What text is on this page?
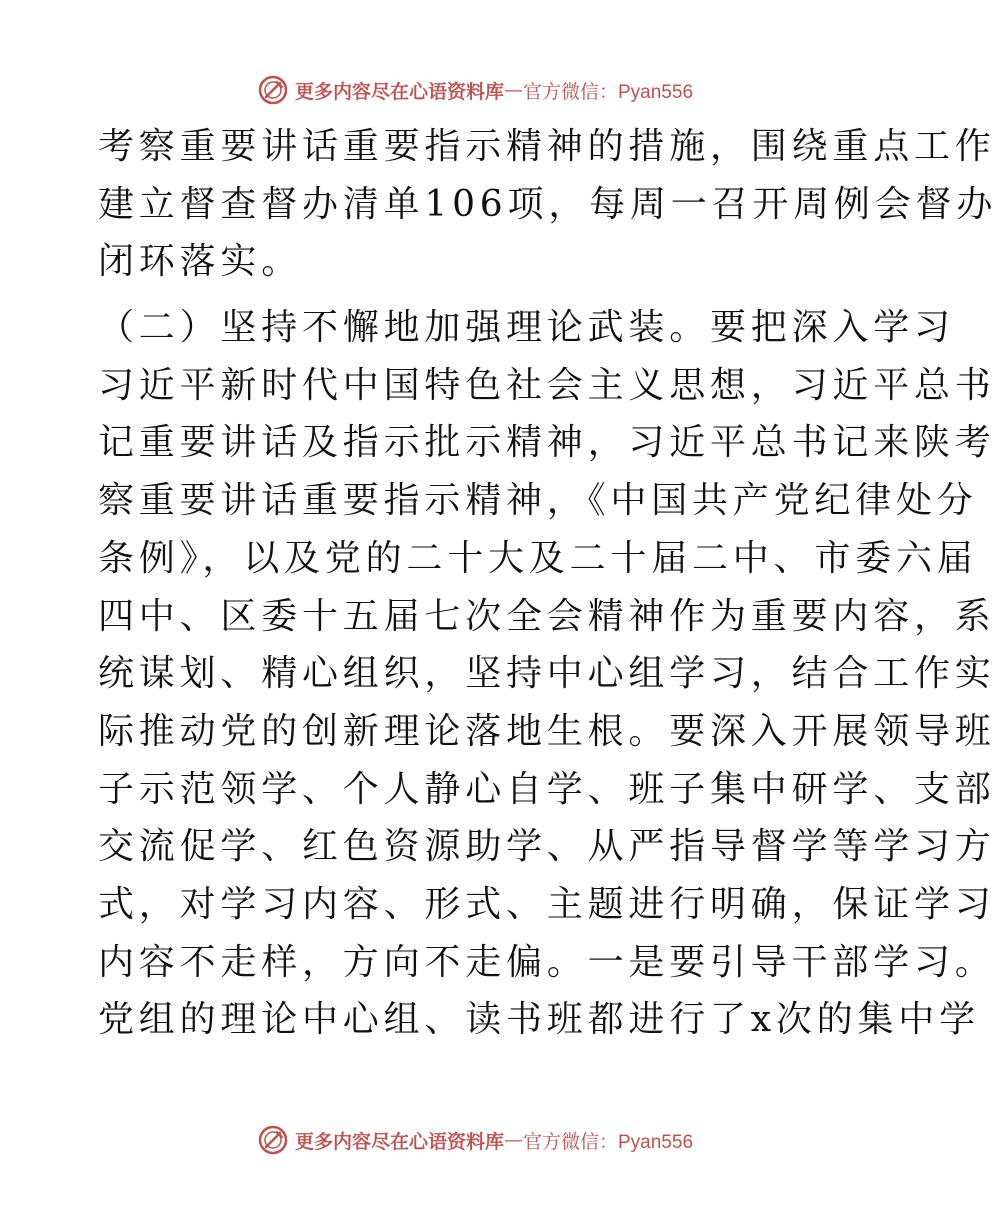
更多内容尽在心语资料库 — 官方微信：Pyan556
考察重要讲话重要指示精神的措施，围绕重点工作
建立督查督办清单106项，每周一召开周例会督办
闭环落实。
（二）坚持不懈地加强理论武装。要把深入学习
习近平新时代中国特色社会主义思想，习近平总书
记重要讲话及指示批示精神，习近平总书记来陕考
察重要讲话重要指示精神，《中国共产党纪律处分
条例》，以及党的二十大及二十届二中、市委六届
四中、区委十五届七次全会精神作为重要内容，系
统谋划、精心组织，坚持中心组学习，结合工作实
际推动党的创新理论落地生根。要深入开展领导班
子示范领学、个人静心自学、班子集中研学、支部
交流促学、红色资源助学、从严指导督学等学习方
式，对学习内容、形式、主题进行明确，保证学习
内容不走样，方向不走偏。一是要引导干部学习。
党组的理论中心组、读书班都进行了x次的集中学
更多内容尽在心语资料库 — 官方微信：Pyan556
